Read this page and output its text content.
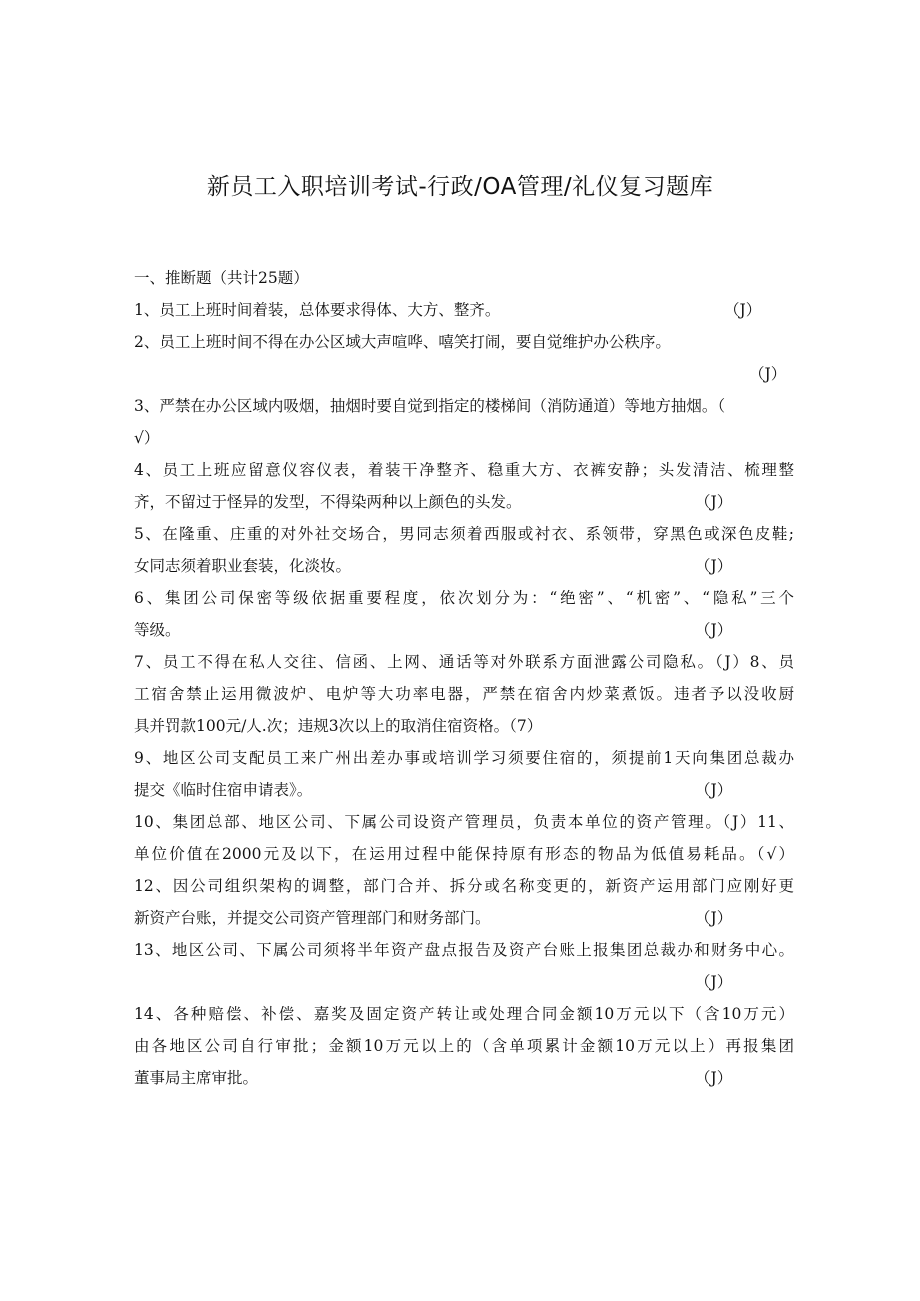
新员工入职培训考试-行政/OA管理/礼仪复习题库
一、推断题（共计25题）
1、员工上班时间着装，总体要求得体、大方、整齐。	（J）
2、员工上班时间不得在办公区域大声喧哗、嘻笑打闹，要自觉维护办公秩序。
（J）
3、严禁在办公区域内吸烟，抽烟时要自觉到指定的楼梯间（消防通道）等地方抽烟。（
√）
4、员工上班应留意仪容仪表，着装干净整齐、稳重大方、衣裤安静；头发清洁、梳理整
齐，不留过于怪异的发型，不得染两种以上颜色的头发。	（J）
5、在隆重、庄重的对外社交场合，男同志须着西服或衬衣、系领带，穿黑色或深色皮鞋;
女同志须着职业套装，化淡妆。	（J）
6、集团公司保密等级依据重要程度，依次划分为：“绝密”、“机密”、“隐私”三个
等级。	（J）
7、员工不得在私人交往、信函、上网、通话等对外联系方面泄露公司隐私。（J）8、员
工宿舍禁止运用微波炉、电炉等大功率电器，严禁在宿舍内炒菜煮饭。违者予以没收厨
具并罚款100元/人.次；违规3次以上的取消住宿资格。（7）
9、地区公司支配员工来广州出差办事或培训学习须要住宿的，须提前1天向集团总裁办
提交《临时住宿申请表》。	（J）
10、集团总部、地区公司、下属公司设资产管理员，负责本单位的资产管理。（J）11、
单位价值在2000元及以下，在运用过程中能保持原有形态的物品为低值易耗品。（√）
12、因公司组织架构的调整，部门合并、拆分或名称变更的，新资产运用部门应刚好更
新资产台账，并提交公司资产管理部门和财务部门。	（J）
13、地区公司、下属公司须将半年资产盘点报告及资产台账上报集团总裁办和财务中心。
（J）
14、各种赔偿、补偿、嘉奖及固定资产转让或处理合同金额10万元以下（含10万元）
由各地区公司自行审批；金额10万元以上的（含单项累计金额10万元以上）再报集团
董事局主席审批。	（J）
